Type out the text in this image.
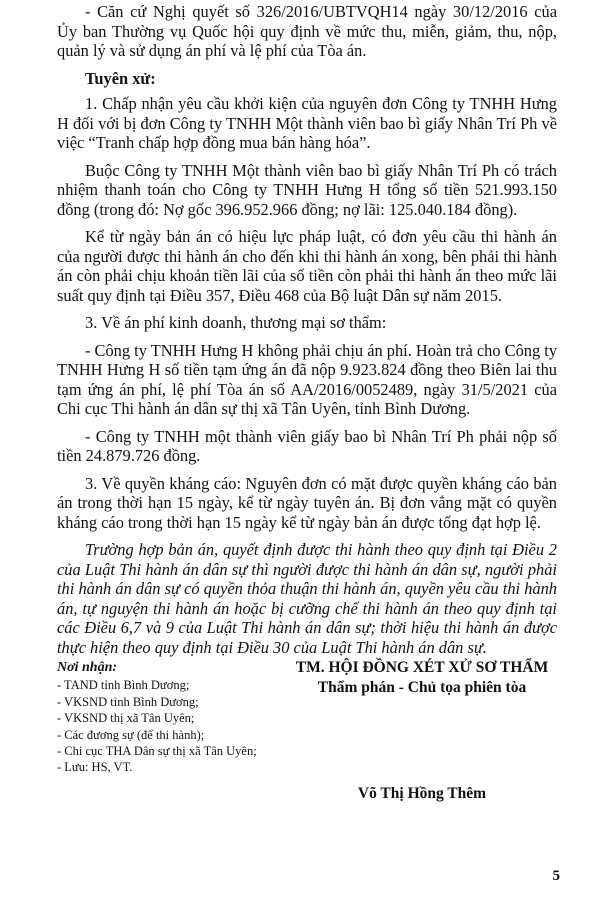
- Căn cứ Nghị quyết số 326/2016/UBTVQH14 ngày 30/12/2016 của Ủy ban Thường vụ Quốc hội quy định về mức thu, miễn, giảm, thu, nộp, quản lý và sử dụng án phí và lệ phí của Tòa án.

Tuyên xử:

1. Chấp nhận yêu cầu khởi kiện của nguyên đơn Công ty TNHH Hưng H đối với bị đơn Công ty TNHH Một thành viên bao bì giấy Nhân Trí Ph về việc “Tranh chấp hợp đồng mua bán hàng hóa”.

Buộc Công ty TNHH Một thành viên bao bì giấy Nhân Trí Ph có trách nhiệm thanh toán cho Công ty TNHH Hưng H tổng số tiền 521.993.150 đồng (trong đó: Nợ gốc 396.952.966 đồng; nợ lãi: 125.040.184 đồng).

Kể từ ngày bản án có hiệu lực pháp luật, có đơn yêu cầu thi hành án của người được thi hành án cho đến khi thi hành án xong, bên phải thi hành án còn phải chịu khoản tiền lãi của số tiền còn phải thi hành án theo mức lãi suất quy định tại Điều 357, Điều 468 của Bộ luật Dân sự năm 2015.

3. Về án phí kinh doanh, thương mại sơ thẩm:

- Công ty TNHH Hưng H không phải chịu án phí. Hoàn trả cho Công ty TNHH Hưng H số tiền tạm ứng án đã nộp 9.923.824 đồng theo Biên lai thu tạm ứng án phí, lệ phí Tòa án số AA/2016/0052489, ngày 31/5/2021 của Chi cục Thi hành án dân sự thị xã Tân Uyên, tỉnh Bình Dương.

- Công ty TNHH một thành viên giấy bao bì Nhân Trí Ph phải nộp số tiền 24.879.726 đồng.

3. Về quyền kháng cáo: Nguyên đơn có mặt được quyền kháng cáo bản án trong thời hạn 15 ngày, kể từ ngày tuyên án. Bị đơn vắng mặt có quyền kháng cáo trong thời hạn 15 ngày kể từ ngày bản án được tống đạt hợp lệ.

Trường hợp bản án, quyết định được thi hành theo quy định tại Điều 2 của Luật Thi hành án dân sự thì người được thi hành án dân sự, người phải thi hành án dân sự có quyền thỏa thuận thi hành án, quyền yêu cầu thi hành án, tự nguyện thi hành án hoặc bị cưỡng chế thi hành án theo quy định tại các Điều 6,7 và 9 của Luật Thi hành án dân sự; thời hiệu thi hành án được thực hiện theo quy định tại Điều 30 của Luật Thi hành án dân sự.

Nơi nhận:
- TAND tỉnh Bình Dương;
- VKSND tỉnh Bình Dương;
- VKSND thị xã Tân Uyên;
- Các đương sự (để thi hành);
- Chi cục THA Dân sự thị xã Tân Uyên;
- Lưu: HS, VT.
TM. HỘI ĐỒNG XÉT XỬ SƠ THẨM
Thẩm phán - Chủ tọa phiên tòa
Võ Thị Hồng Thêm
5
